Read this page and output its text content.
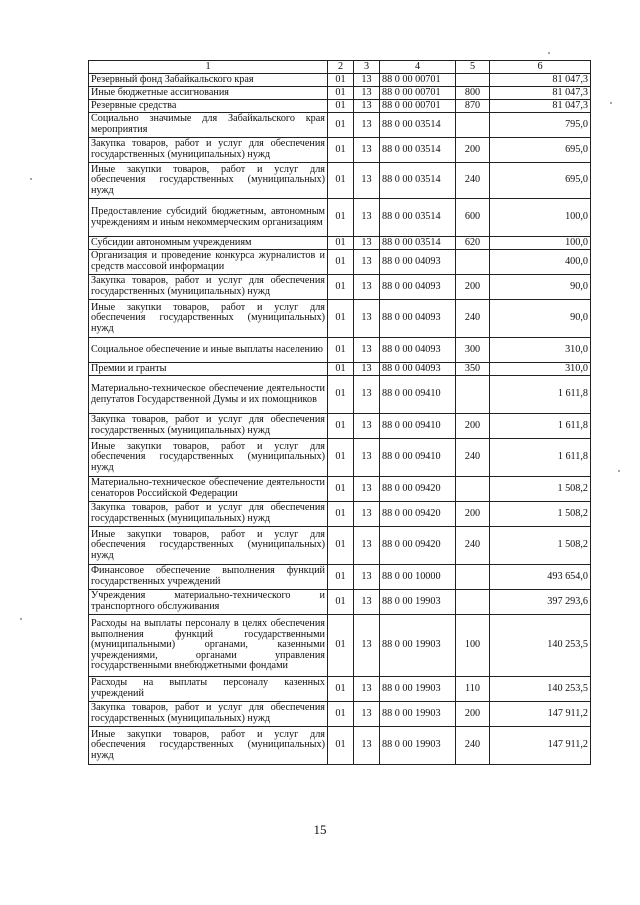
1	2	3	4	5	6
Резервный фонд Забайкальского края	01	13	88 0 00 00701		81 047,3
Иные бюджетные ассигнования	01	13	88 0 00 00701	800	81 047,3
Резервные средства	01	13	88 0 00 00701	870	81 047,3
Социально значимые для Забайкальского края мероприятия	01	13	88 0 00 03514		795,0
Закупка товаров, работ и услуг для обеспечения государственных (муниципальных) нужд	01	13	88 0 00 03514	200	695,0
Иные закупки товаров, работ и услуг для обеспечения государственных (муниципальных) нужд	01	13	88 0 00 03514	240	695,0
Предоставление субсидий бюджетным, автономным учреждениям и иным некоммерческим организациям	01	13	88 0 00 03514	600	100,0
Субсидии автономным учреждениям	01	13	88 0 00 03514	620	100,0
Организация и проведение конкурса журналистов и средств массовой информации	01	13	88 0 00 04093		400,0
Закупка товаров, работ и услуг для обеспечения государственных (муниципальных) нужд	01	13	88 0 00 04093	200	90,0
Иные закупки товаров, работ и услуг для обеспечения государственных (муниципальных) нужд	01	13	88 0 00 04093	240	90,0
Социальное обеспечение и иные выплаты населению	01	13	88 0 00 04093	300	310,0
Премии и гранты	01	13	88 0 00 04093	350	310,0
Материально-техническое обеспечение деятельности депутатов Государственной Думы и их помощников	01	13	88 0 00 09410		1 611,8
Закупка товаров, работ и услуг для обеспечения государственных (муниципальных) нужд	01	13	88 0 00 09410	200	1 611,8
Иные закупки товаров, работ и услуг для обеспечения государственных (муниципальных) нужд	01	13	88 0 00 09410	240	1 611,8
Материально-техническое обеспечение деятельности сенаторов Российской Федерации	01	13	88 0 00 09420		1 508,2
Закупка товаров, работ и услуг для обеспечения государственных (муниципальных) нужд	01	13	88 0 00 09420	200	1 508,2
Иные закупки товаров, работ и услуг для обеспечения государственных (муниципальных) нужд	01	13	88 0 00 09420	240	1 508,2
Финансовое обеспечение выполнения функций государственных учреждений	01	13	88 0 00 10000		493 654,0
Учреждения материально-технического и транспортного обслуживания	01	13	88 0 00 19903		397 293,6
Расходы на выплаты персоналу в целях обеспечения выполнения функций государственными (муниципальными) органами, казенными учреждениями, органами управления государственными внебюджетными фондами	01	13	88 0 00 19903	100	140 253,5
Расходы на выплаты персоналу казенных учреждений	01	13	88 0 00 19903	110	140 253,5
Закупка товаров, работ и услуг для обеспечения государственных (муниципальных) нужд	01	13	88 0 00 19903	200	147 911,2
Иные закупки товаров, работ и услуг для обеспечения государственных (муниципальных) нужд	01	13	88 0 00 19903	240	147 911,2
15
